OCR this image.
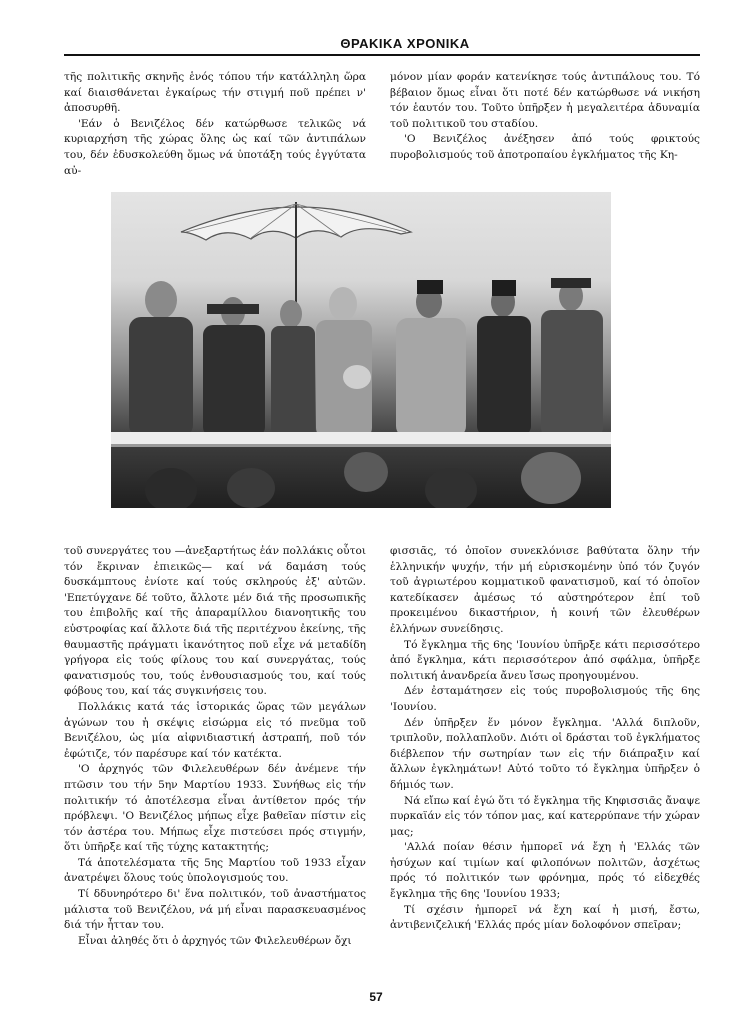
ΘΡΑΚΙΚΑ ΧΡΟΝΙΚΑ

τῆς πολιτικῆς σκηνῆς ἑνός τόπου τήν κατάλληλη ὥρα καί διαισθάνεται ἐγκαίρως τήν στιγμή ποῦ πρέπει ν' ἀποσυρθῆ.

'Εάν ὁ Βενιζέλος δέν κατώρθωσε τελικῶς νά κυριαρχήση τῆς χώρας ὅλης ὡς καί τῶν ἀντιπάλων του, δέν ἐδυσκολεύθη ὅμως νά ὑποτάξη τούς ἐγγύτατα αὐ-

μόνον μίαν φοράν κατενίκησε τούς ἀντιπάλους του. Τό βέβαιον ὅμως εἶναι ὅτι ποτέ δέν κατώρθωσε νά νικήση τόν ἑαυτόν του. Τοῦτο ὑπῆρξεν ἡ μεγαλειτέρα ἀδυναμία τοῦ πολιτικοῦ του σταδίου.

'Ο Βενιζέλος ἀνέξησεν ἀπό τούς φρικτούς πυροβολισμούς τοῦ ἀποτροπαίου ἐγκλήματος τῆς Κη-

τοῦ συνεργάτες του —ἀνεξαρτήτως ἐάν πολλάκις οὗτοι τόν ἔκριναν ἐπιεικῶς— καί νά δαμάση τούς δυσκάμπτους ἐνίοτε καί τούς σκληρούς ἐξ' αὐτῶν. 'Επετύγχανε δέ τοῦτο, ἄλλοτε μέν διά τῆς προσωπικῆς του ἐπιβολῆς καί τῆς ἀπαραμίλλου διανοητικῆς του εὐστροφίας καί ἄλλοτε διά τῆς περιτέχνου ἐκείνης, τῆς θαυμαστῆς πράγματι ἱκανότητος ποῦ εἶχε νά μεταδίδη γρήγορα εἰς τούς φίλους του καί συνεργάτας, τούς φανατισμούς του, τούς ἐνθουσιασμούς του, καί τούς φόβους του, καί τάς συγκινήσεις του.

Πολλάκις κατά τάς ἱστορικάς ὥρας τῶν μεγάλων ἀγώνων του ἡ σκέψις εἰσώρμα εἰς τό πνεῦμα τοῦ Βενιζέλου, ὡς μία αἰφνιδιαστική ἀστραπή, ποῦ τόν ἐφώτιζε, τόν παρέσυρε καί τόν κατέκτα.

'Ο ἀρχηγός τῶν Φιλελευθέρων δέν ἀνέμενε τήν πτῶσιν του τήν 5ην Μαρτίου 1933. Συνήθως εἰς τήν πολιτικήν τό ἀποτέλεσμα εἶναι ἀντίθετον πρός τήν πρόβλεψι. 'Ο Βενιζέλος μήπως εἶχε βαθεῖαν πίστιν εἰς τόν ἀστέρα του. Μήπως εἶχε πιστεύσει πρός στιγμήν, ὅτι ὑπῆρξε καί τῆς τύχης κατακτητής;

Τά ἀποτελέσματα τῆς 5ης Μαρτίου τοῦ 1933 εἶχαν ἀνατρέψει ὅλους τούς ὑπολογισμούς του.

Τί δδυνηρότερο δι' ἕνα πολιτικόν, τοῦ ἀναστήματος μάλιστα τοῦ Βενιζέλου, νά μή εἶναι παρασκευασμένος διά τήν ἧτταν του.

Εἶναι ἀληθές ὅτι ὁ ἀρχηγός τῶν Φιλελευθέρων ὄχι

φισσιᾶς, τό ὁποῖον συνεκλόνισε βαθύτατα ὅλην τήν ἑλληνικήν ψυχήν, τήν μή εὑρισκομένην ὑπό τόν ζυγόν τοῦ ἀγριωτέρου κομματικοῦ φανατισμοῦ, καί τό ὁποῖον κατεδίκασεν ἀμέσως τό αὐστηρότερον ἐπί τοῦ προκειμένου δικαστήριον, ἡ κοινή τῶν ἐλευθέρων ἐλλήνων συνείδησις.

Τό ἔγκλημα τῆς 6ης 'Ιουνίου ὑπῆρξε κάτι περισσότερο ἀπό ἔγκλημα, κάτι περισσότερον ἀπό σφάλμα, ὑπῆρξε πολιτική ἀνανδρεία ἄνευ ἴσως προηγουμένου.

Δέν ἐσταμάτησεν εἰς τούς πυροβολισμούς τῆς 6ης 'Ιουνίου.

Δέν ὑπῆρξεν ἕν μόνον ἔγκλημα. 'Αλλά διπλοῦν, τριπλοῦν, πολλαπλοῦν. Διότι οἱ δράσται τοῦ ἐγκλήματος διέβλεπον τήν σωτηρίαν των εἰς τήν διάπραξιν καί ἄλλων ἐγκλημάτων! Αὐτό τοῦτο τό ἔγκλημα ὑπῆρξεν ὁ δήμιός των.

Νά εἴπω καί ἐγώ ὅτι τό ἔγκλημα τῆς Κηφισσιᾶς ἄναψε πυρκαϊάν εἰς τόν τόπον μας, καί κατερρύπανε τήν χώραν μας;

'Αλλά ποίαν θέσιν ἠμπορεῖ νά ἔχη ἡ 'Ελλάς τῶν ἡσύχων καί τιμίων καί φιλοπόνων πολιτῶν, ἀσχέτως πρός τό πολιτικόν των φρόνημα, πρός τό εἰδεχθές ἔγκλημα τῆς 6ης 'Ιουνίου 1933;

Τί σχέσιν ἠμπορεῖ νά ἔχη καί ἡ μισή, ἔστω, ἀντιβενιζελική 'Ελλάς πρός μίαν δολοφόνον σπεῖραν;

57
